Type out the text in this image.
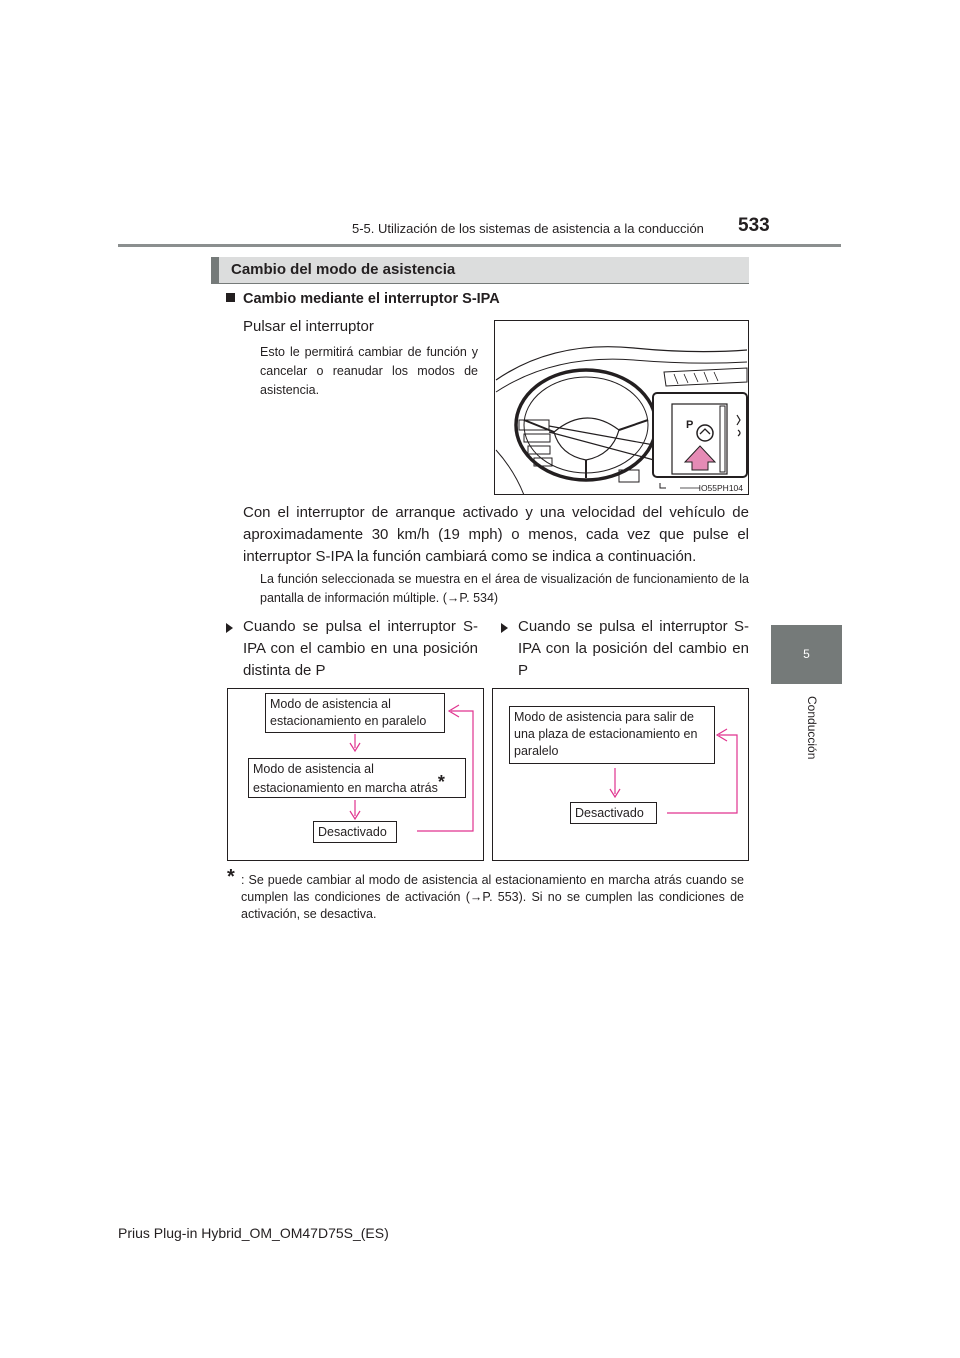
5-5. Utilización de los sistemas de asistencia a la conducción 533
5
Conducción
Cambio del modo de asistencia
Cambio mediante el interruptor S-IPA
Pulsar el interruptor
Esto le permitirá cambiar de función y cancelar o reanudar los modos de asistencia.
P
IO55PH104
Con el interruptor de arranque activado y una velocidad del vehículo de aproximadamente 30 km/h (19 mph) o menos, cada vez que pulse el interruptor S-IPA la función cambiará como se indica a continuación.
La función seleccionada se muestra en el área de visualización de funcionamiento de la pantalla de información múltiple. (→P. 534)
Cuando se pulsa el interruptor S-IPA con el cambio en una posición distinta de P
Cuando se pulsa el interruptor S-IPA con la posición del cambio en P
Modo de asistencia al estacionamiento en paralelo
Modo de asistencia al estacionamiento en marcha atrás*
Desactivado
Modo de asistencia para salir de una plaza de estacionamiento en paralelo
Desactivado
* : Se puede cambiar al modo de asistencia al estacionamiento en marcha atrás cuando se cumplen las condiciones de activación (→P. 553). Si no se cumplen las condiciones de activación, se desactiva.
Prius Plug-in Hybrid_OM_OM47D75S_(ES)
